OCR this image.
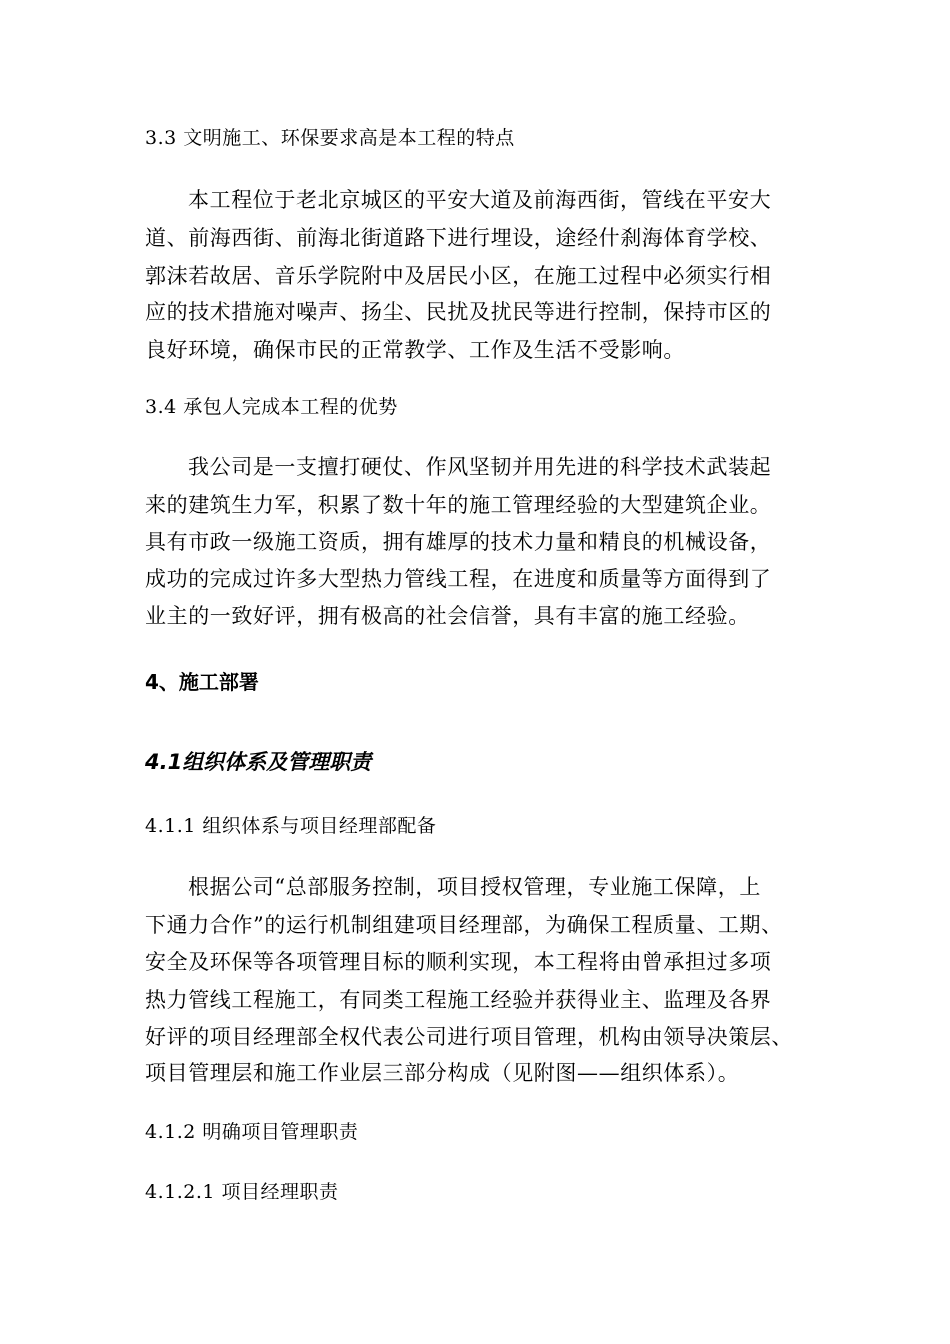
3.3 文明施工、环保要求高是本工程的特点
本工程位于老北京城区的平安大道及前海西街，管线在平安大
道、前海西街、前海北街道路下进行埋设，途经什刹海体育学校、
郭沫若故居、音乐学院附中及居民小区，在施工过程中必须实行相
应的技术措施对噪声、扬尘、民扰及扰民等进行控制，保持市区的
良好环境，确保市民的正常教学、工作及生活不受影响。
3.4 承包人完成本工程的优势
我公司是一支擅打硬仗、作风坚韧并用先进的科学技术武装起
来的建筑生力军，积累了数十年的施工管理经验的大型建筑企业。
具有市政一级施工资质，拥有雄厚的技术力量和精良的机械设备，
成功的完成过许多大型热力管线工程，在进度和质量等方面得到了
业主的一致好评，拥有极高的社会信誉，具有丰富的施工经验。
4、施工部署
4.1组织体系及管理职责
4.1.1 组织体系与项目经理部配备
根据公司“总部服务控制，项目授权管理，专业施工保障，上
下通力合作”的运行机制组建项目经理部，为确保工程质量、工期、
安全及环保等各项管理目标的顺利实现，本工程将由曾承担过多项
热力管线工程施工，有同类工程施工经验并获得业主、监理及各界
好评的项目经理部全权代表公司进行项目管理，机构由领导决策层、
项目管理层和施工作业层三部分构成（见附图——组织体系）。
4.1.2 明确项目管理职责
4.1.2.1 项目经理职责
